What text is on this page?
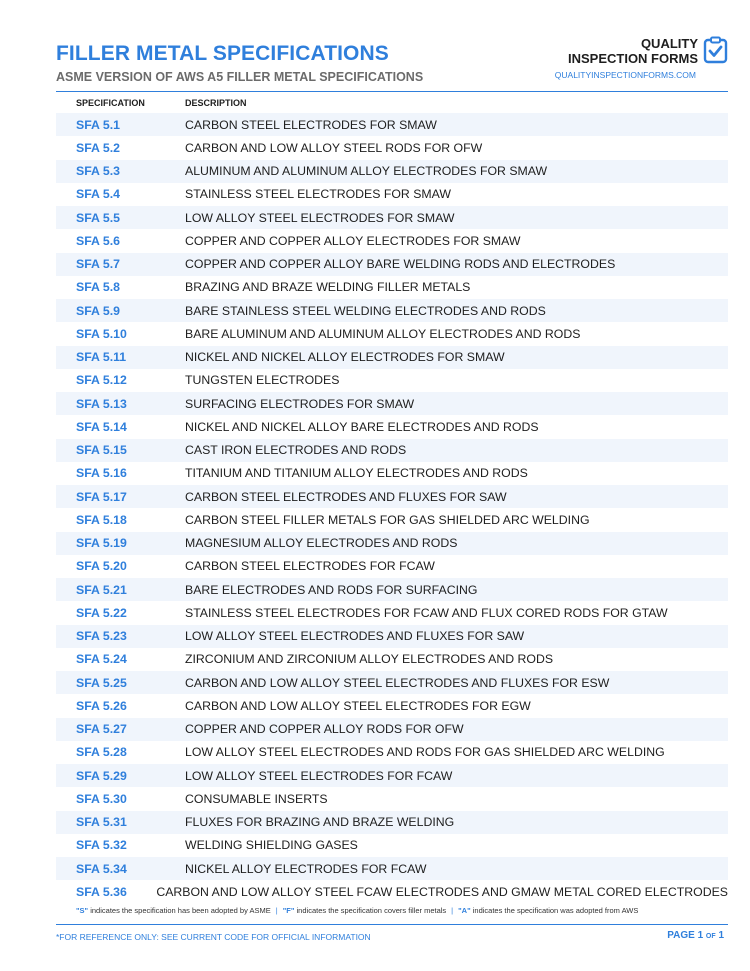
FILLER METAL SPECIFICATIONS
ASME VERSION OF AWS A5 FILLER METAL SPECIFICATIONS
QUALITY
INSPECTION FORMS
QUALITYINSPECTIONFORMS.COM
SPECIFICATION	DESCRIPTION
SFA 5.1	CARBON STEEL ELECTRODES FOR SMAW
SFA 5.2	CARBON AND LOW ALLOY STEEL RODS FOR OFW
SFA 5.3	ALUMINUM AND ALUMINUM ALLOY ELECTRODES FOR SMAW
SFA 5.4	STAINLESS STEEL ELECTRODES FOR SMAW
SFA 5.5	LOW ALLOY STEEL ELECTRODES FOR SMAW
SFA 5.6	COPPER AND COPPER ALLOY ELECTRODES FOR SMAW
SFA 5.7	COPPER AND COPPER ALLOY BARE WELDING RODS AND ELECTRODES
SFA 5.8	BRAZING AND BRAZE WELDING FILLER METALS
SFA 5.9	BARE STAINLESS STEEL WELDING ELECTRODES AND RODS
SFA 5.10	BARE ALUMINUM AND ALUMINUM ALLOY ELECTRODES AND RODS
SFA 5.11	NICKEL AND NICKEL ALLOY ELECTRODES FOR SMAW
SFA 5.12	TUNGSTEN ELECTRODES
SFA 5.13	SURFACING ELECTRODES FOR SMAW
SFA 5.14	NICKEL AND NICKEL ALLOY BARE ELECTRODES AND RODS
SFA 5.15	CAST IRON ELECTRODES AND RODS
SFA 5.16	TITANIUM AND TITANIUM ALLOY ELECTRODES AND RODS
SFA 5.17	CARBON STEEL ELECTRODES AND FLUXES FOR SAW
SFA 5.18	CARBON STEEL FILLER METALS FOR GAS SHIELDED ARC WELDING
SFA 5.19	MAGNESIUM ALLOY ELECTRODES AND RODS
SFA 5.20	CARBON STEEL ELECTRODES FOR FCAW
SFA 5.21	BARE ELECTRODES AND RODS FOR SURFACING
SFA 5.22	STAINLESS STEEL ELECTRODES FOR FCAW AND FLUX CORED RODS FOR GTAW
SFA 5.23	LOW ALLOY STEEL ELECTRODES AND FLUXES FOR SAW
SFA 5.24	ZIRCONIUM AND ZIRCONIUM ALLOY ELECTRODES AND RODS
SFA 5.25	CARBON AND LOW ALLOY STEEL ELECTRODES AND FLUXES FOR ESW
SFA 5.26	CARBON AND LOW ALLOY STEEL ELECTRODES FOR EGW
SFA 5.27	COPPER AND COPPER ALLOY RODS FOR OFW
SFA 5.28	LOW ALLOY STEEL ELECTRODES AND RODS FOR GAS SHIELDED ARC WELDING
SFA 5.29	LOW ALLOY STEEL ELECTRODES FOR FCAW
SFA 5.30	CONSUMABLE INSERTS
SFA 5.31	FLUXES FOR BRAZING AND BRAZE WELDING
SFA 5.32	WELDING SHIELDING GASES
SFA 5.34	NICKEL ALLOY ELECTRODES FOR FCAW
SFA 5.36	CARBON AND LOW ALLOY STEEL FCAW ELECTRODES AND GMAW METAL CORED ELECTRODES
"S" indicates the specification has been adopted by ASME | "F" indicates the specification covers filler metals | "A" indicates the specification was adopted from AWS
*FOR REFERENCE ONLY: SEE CURRENT CODE FOR OFFICIAL INFORMATION	PAGE 1 OF 1
